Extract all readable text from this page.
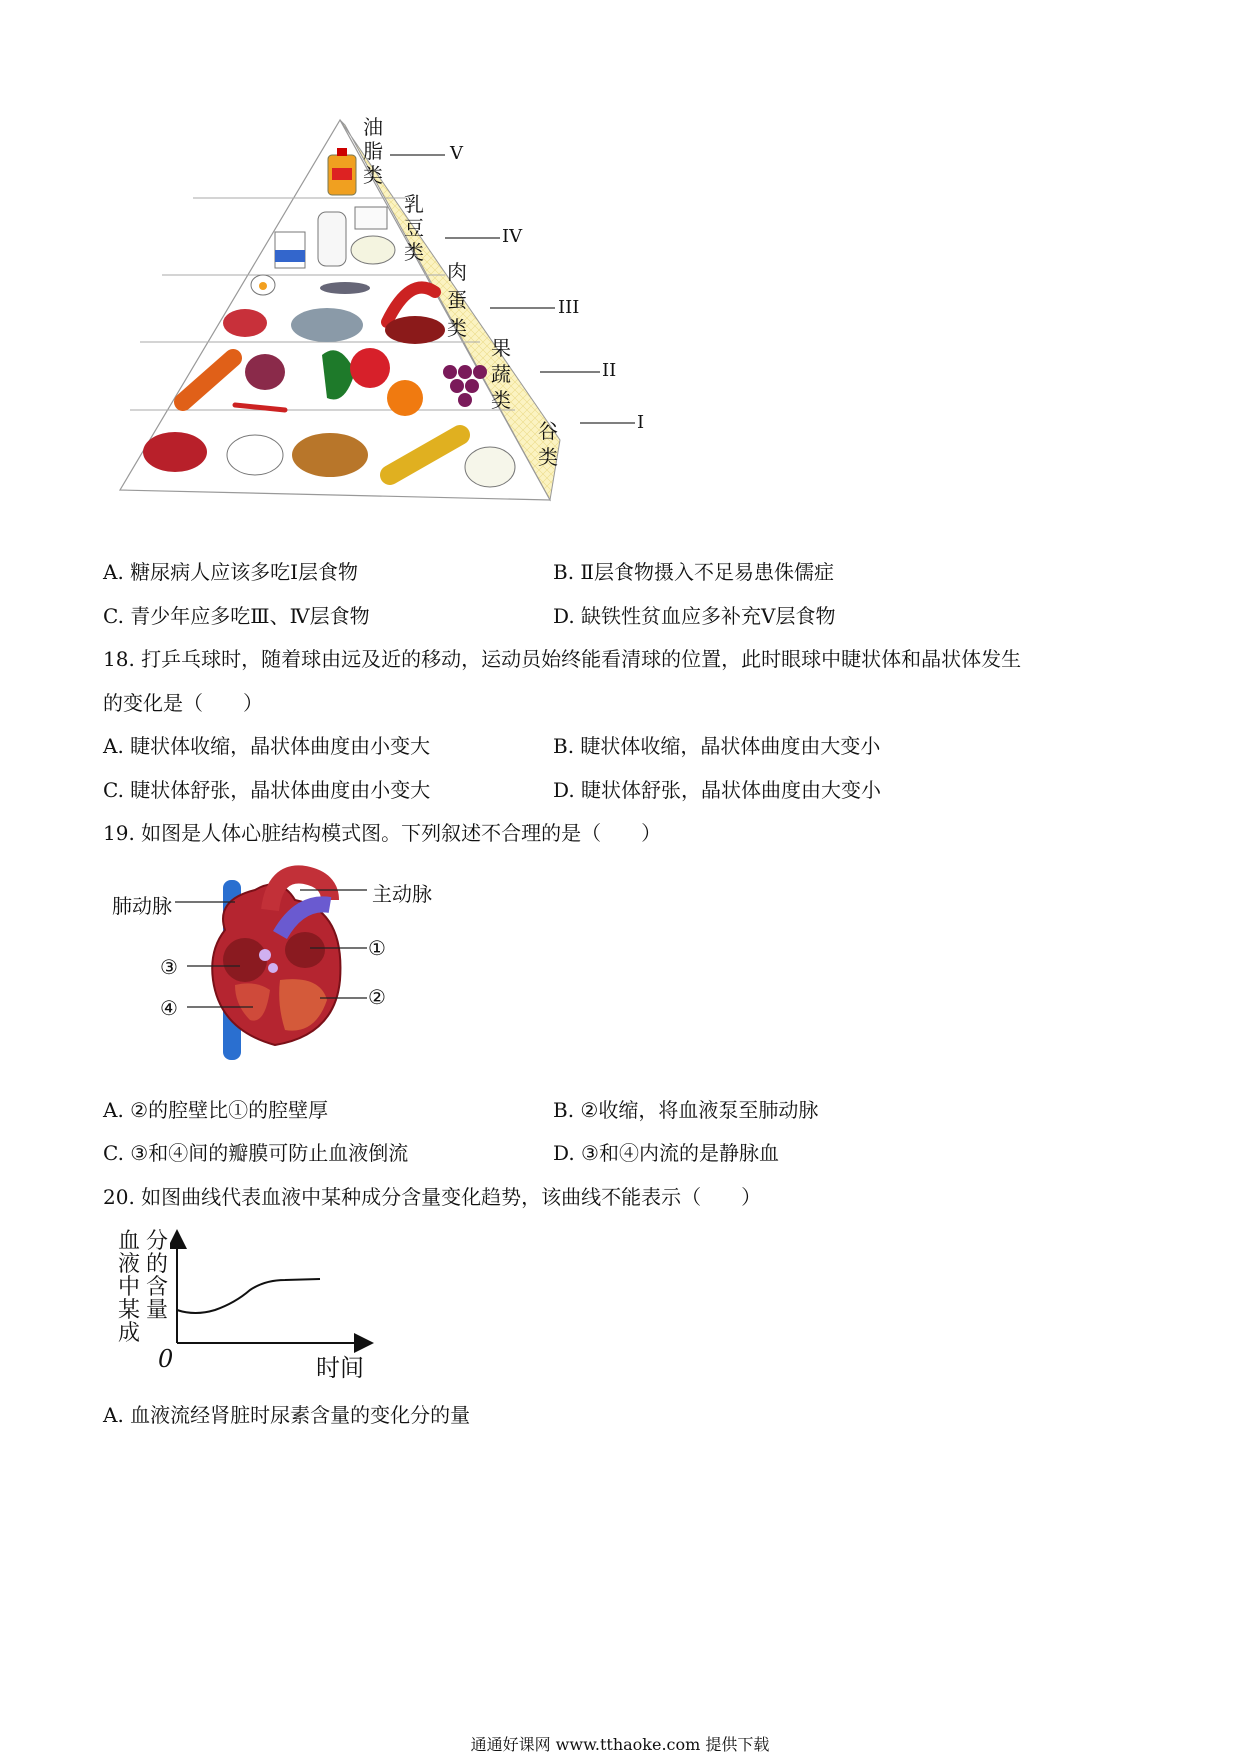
油
脂
类
乳
豆
类
肉
蛋
类
果
蔬
类
谷
类
V
IV
III
II
I
A. 糖尿病人应该多吃Ⅰ层食物	B. Ⅱ层食物摄入不足易患侏儒症
C. 青少年应多吃Ⅲ、Ⅳ层食物	D. 缺铁性贫血应多补充Ⅴ层食物
18. 打乒乓球时，随着球由远及近的移动，运动员始终能看清球的位置，此时眼球中睫状体和晶状体发生
的变化是（　　）
A. 睫状体收缩，晶状体曲度由小变大	B. 睫状体收缩，晶状体曲度由大变小
C. 睫状体舒张，晶状体曲度由小变大	D. 睫状体舒张，晶状体曲度由大变小
19. 如图是人体心脏结构模式图。下列叙述不合理的是（　　）
肺动脉	主动脉
①
②
③
④
A. ②的腔壁比①的腔壁厚	B. ②收缩，将血液泵至肺动脉
C. ③和④间的瓣膜可防止血液倒流	D. ③和④内流的是静脉血
20. 如图曲线代表血液中某种成分含量变化趋势，该曲线不能表示（　　）
血液中某成
分的含量
0	时间
A. 血液流经肾脏时尿素含量的变化分的量
通通好课网 www.tthaoke.com 提供下载
